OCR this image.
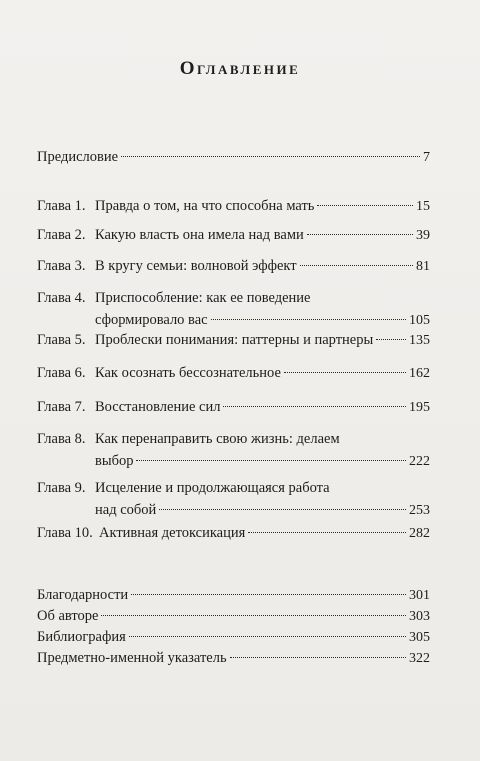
Оглавление
Предисловие	7
Глава 1. Правда о том, на что способна мать	15
Глава 2. Какую власть она имела над вами	39
Глава 3. В кругу семьи: волновой эффект	81
Глава 4. Приспособление: как ее поведение
сформировало вас	105
Глава 5. Проблески понимания: паттерны и партнеры	135
Глава 6. Как осознать бессознательное	162
Глава 7. Восстановление сил	195
Глава 8. Как перенаправить свою жизнь: делаем
выбор	222
Глава 9. Исцеление и продолжающаяся работа
над собой	253
Глава 10. Активная детоксикация	282
Благодарности	301
Об авторе	303
Библиография	305
Предметно-именной указатель	322
